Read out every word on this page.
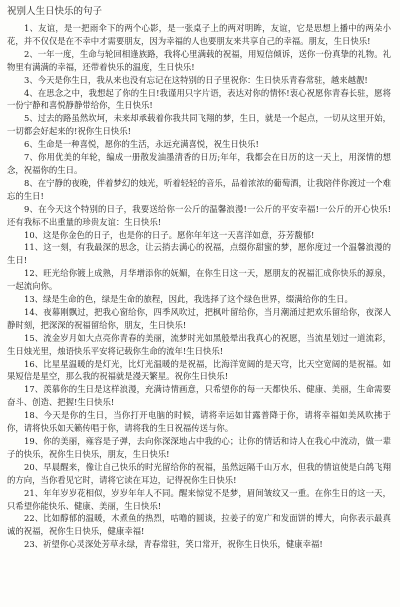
祝别人生日快乐的句子

1、友谊，是一把雨伞下的两个心影，是一张桌子上的两对明眸，友谊，它是思想上播中的两朵小花，并不仅仅是在不幸中才需要朋友，因为幸福的人也要朋友来共享自己的幸福。朋友，生日快乐!

2、一年一度，生命与轮回相逢族路，我将心里满载的祝福，用短信倾诉，送你一份真挚的礼物。礼物里有满满的幸福，还带着快乐的温度，生日快乐!

3、今天是你生日，我从来也没有忘记在这特别的日子里祝你：生日快乐青春常驻，越来越靓!

4、在思念之中，我想起了你的生日!我谨用只字片语，表达对你的情怀!衷心祝愿你青春长驻，愿将一份宁静和喜悦静静带给你，生日快乐!

5、过去的路虽然坎坷，未来却承载着你我共同飞翔的梦，生日，就是一个起点，一切从这里开始，一切都会好起来的!祝你生日快乐!

6、生命是一种喜悦，愿你的生活，永远充满喜悦，祝生日快乐!

7、你用优美的年轮，编成一册散发油墨清香的日历;年年，我都会在日历的这一天上，用深情的想念，祝福你的生日。

8、在宁静的夜晚，伴着梦幻的烛光，听着轻轻的音乐，品着浓浓的葡萄酒，让我陪伴你渡过一个难忘的生日!

9、在今天这个特别的日子，我要送给你一公斤的温馨浪漫!一公斤的平安幸福!一公斤的开心快乐!还有我标不出重量的珍贵友谊：生日快乐!

10、这是你金色的日子，也是你的日子。愿你年年这一天喜洋如意，芬芳馥郁!

11、这一刻，有我最深的思念，让云捎去满心的祝福，点缀你甜蜜的梦，愿你度过一个温馨浪漫的生日!

12、旺光给你镀上成熟，月华增添你的妩媚，在你生日这一天，愿朋友的祝福汇成你快乐的源泉，一起流向你。

13、绿是生命的色，绿是生命的旅程，因此，我选择了这个绿色世界，缀满给你的生日。

14、夜幕刚飘过，把我心窗给你，四季风吹过，把枫叶留给你，当月潮涌过把欢乐留给你，夜深人静时刻，把深深的祝福留给你，朋友，生日快乐!

15、流金岁月如大点亮你青春的美丽，流梦时光如黑般晕出我真心的祝愿，当流星划过一道流彩，生日烛光里，烛语快乐平安将记载你生命的流年!生日快乐!

16、比星星温暖的是灯光，比灯光温暖的是祝福，比海洋宽阔的是天穹，比天空宽阔的是祝福。如果短信是星空，那么我的祝福就是漫天繁星。祝你生日快乐!

17、羡慕你的生日是这样浪漫，充满诗情画意，只希望你的每一天都快乐、健康、美丽，生命需要奋斗、创造、把握!生日快乐!

18、今天是你的生日，当你打开电脑的时候，请将幸运如甘露普降于你，请将幸福如美风吹拂于你，请将快乐如天籁传唱于你，请将我的生日祝福传送与你。

19、你的美丽，雍容是子弹，去向你深深地占中我的心；让你的情话和诗人在我心中流动，做一辈子的快乐，祝你生日快乐，朋友，生日快乐!

20、早晨醒来，像让自己快乐的时光留给你的祝福，虽然远隔千山万水，但我的情谊使是白鸽飞翔的方向，当你看见它时，请将它读在耳边，记得祝你生日快乐!

21、年年岁岁花相似，岁岁年年人不同。醒来惊觉不是梦，眉间皱纹又一重。在你生日的这一天，只希望你能快乐、健康、美丽，生日快乐!

22、比如醇郁的温暖，木煮鱼的热烈，咕噜的圆谈，拉姜子的宽广和发面饼的博大，向你表示最真诚的祝福，祝你生日快乐，健康幸福!

23、祈望你心灵深处芳草永绿，青春常驻，笑口常开，祝你生日快乐，健康幸福!
